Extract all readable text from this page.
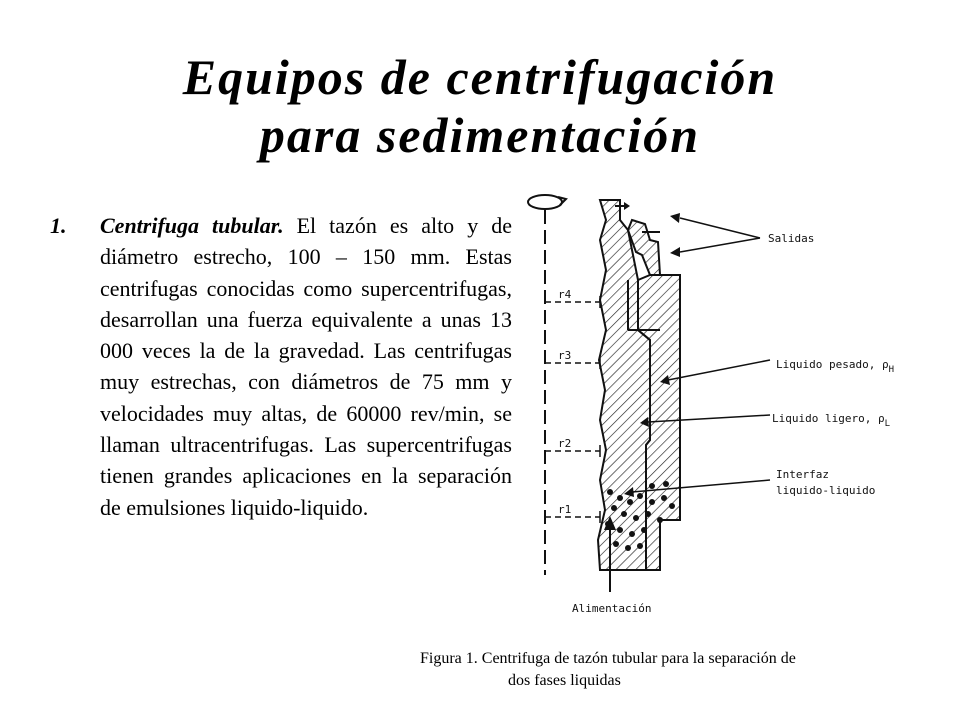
Equipos de centrifugación
para sedimentación
1. Centrifuga tubular. El tazón es alto y de diámetro estrecho, 100 – 150 mm. Estas centrifugas conocidas como supercentrifugas, desarrollan una fuerza equivalente a unas 13 000 veces la de la gravedad. Las centrifugas muy estrechas, con diámetros de 75 mm y velocidades muy altas, de 60000 rev/min, se llaman ultracentrifugas. Las supercentrifugas tienen grandes aplicaciones en la separación de emulsiones liquido-liquido.
r4
r3
r2
r1
Salidas
Liquido pesado, $\rho_H$
Liquido ligero, $\rho_L$
Interfaz
liquido-liquido
Alimentación
Figura 1. Centrifuga de tazón tubular para la separación de
dos fases liquidas
